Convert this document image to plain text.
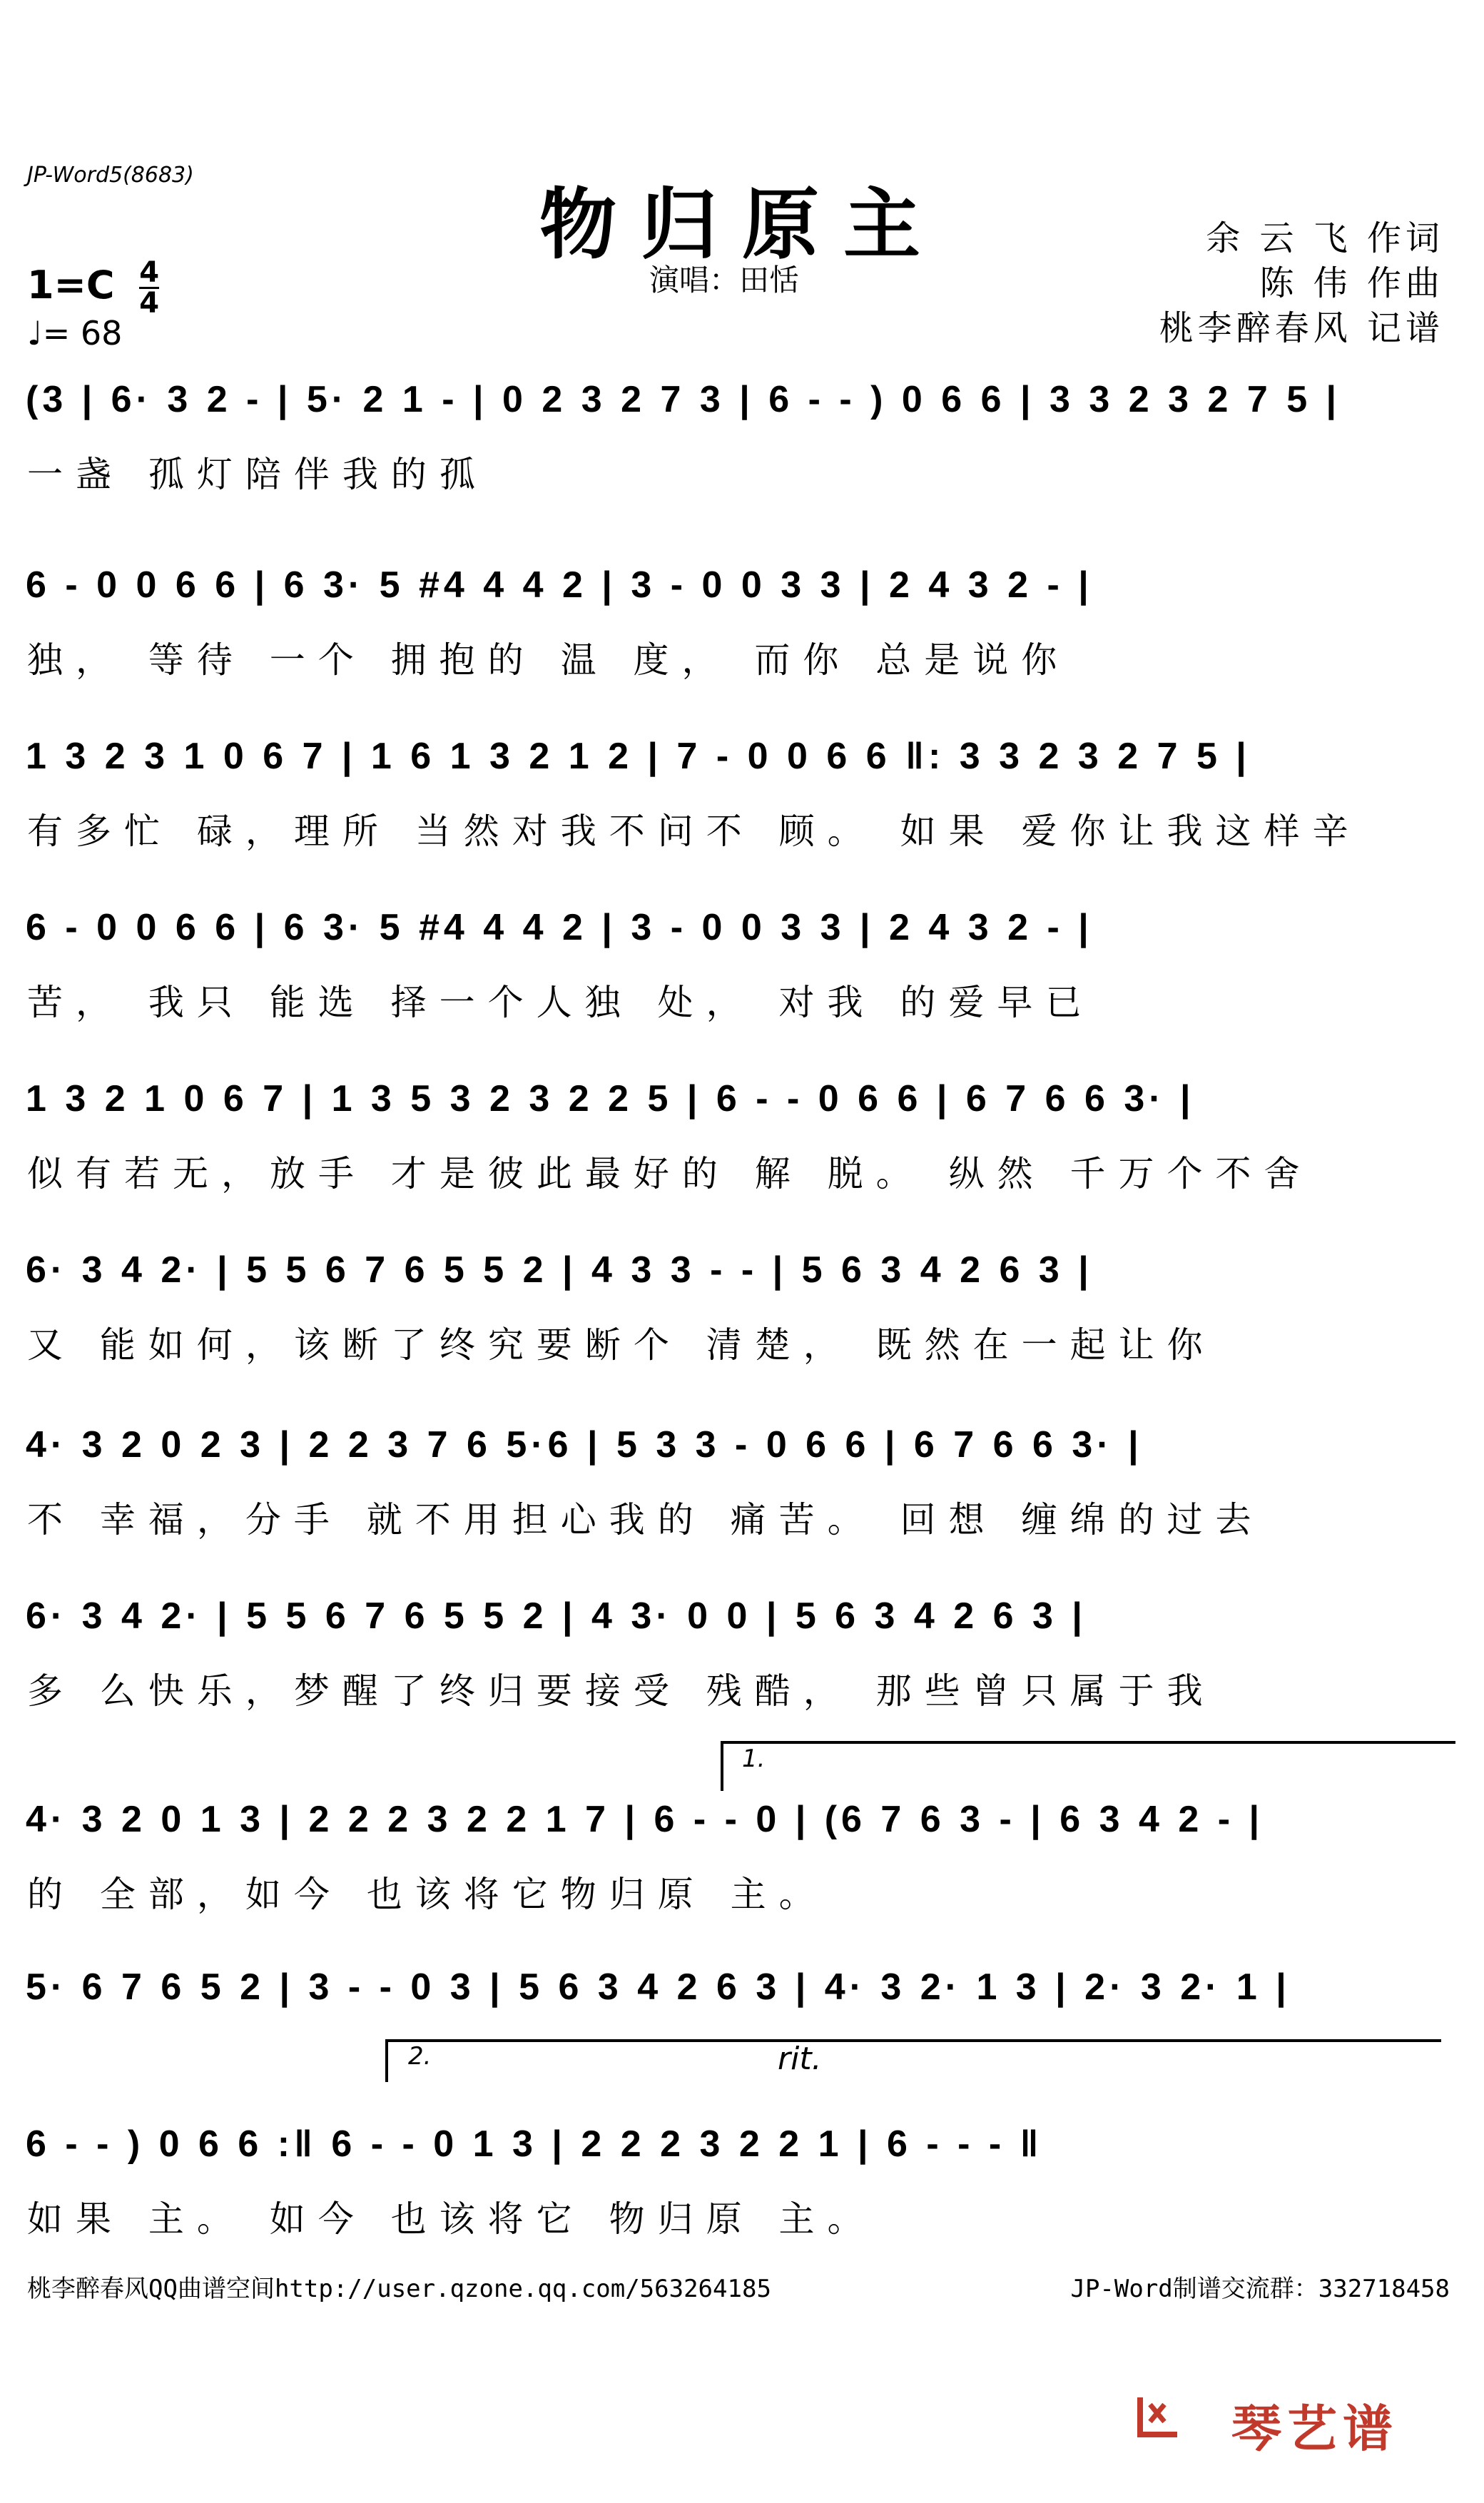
JP-Word5(8683)
物归原主
演唱：田恬
余 云 飞 作词
陈 伟 作曲
桃李醉春风 记谱
$1=C \frac{4}{4}$
♩= 68
(3 | 6· 3 2 - | 5· 2 1 - | 0 2 3 2 7 3 | 6 - - ) 0 6 6 | 3 3 2 3 2 7 5 |
一盏 孤灯陪伴我的孤
6 - 0 0 6 6 | 6 3· 5 #4 4 4 2 | 3 - 0 0 3 3 | 2 4 3 2 - |
独， 等待 一个 拥抱的 温 度， 而你 总是说你
1 3 2 3 1 0 6 7 | 1 6 1 3 2 1 2 | 7 - 0 0 6 6 ‖: 3 3 2 3 2 7 5 |
有多忙 碌，理所 当然对我不问不 顾。 如果 爱你让我这样辛
6 - 0 0 6 6 | 6 3· 5 #4 4 4 2 | 3 - 0 0 3 3 | 2 4 3 2 - |
苦， 我只 能选 择一个人独 处， 对我 的爱早已
1 3 2 1 0 6 7 | 1 3 5 3 2 3 2 2 5 | 6 - - 0 6 6 | 6 7 6 6 3· |
似有若无，放手 才是彼此最好的 解 脱。 纵然 千万个不舍
6· 3 4 2· | 5 5 6 7 6 5 5 2 | 4 3 3 - - | 5 6 3 4 2 6 3 |
又 能如何，该断了终究要断个 清楚， 既然在一起让你
4· 3 2 0 2 3 | 2 2 3 7 6 5·6 | 5 3 3 - 0 6 6 | 6 7 6 6 3· |
不 幸福，分手 就不用担心我的 痛苦。 回想 缠绵的过去
6· 3 4 2· | 5 5 6 7 6 5 5 2 | 4 3· 0 0 | 5 6 3 4 2 6 3 |
多 么快乐，梦醒了终归要接受 残酷， 那些曾只属于我
4· 3 2 0 1 3 | 2 2 2 3 2 2 1 7 | 6 - - 0 | (6 7 6 3 - | 6 3 4 2 - |
的 全部，如今 也该将它物归原 主。
5· 6 7 6 5 2 | 3 - - 0 3 | 5 6 3 4 2 6 3 | 4· 3 2· 1 3 | 2· 3 2· 1 |
6 - - ) 0 6 6 :‖ 6 - - 0 1 3 | 2 2 2 3 2 2 1 | 6 - - - ‖
如果 主。 如今 也该将它 物归原 主。
1.
2.	rit.
桃李醉春风QQ曲谱空间http://user.qzone.qq.com/563264185	JP-Word制谱交流群：332718458
琴艺谱
